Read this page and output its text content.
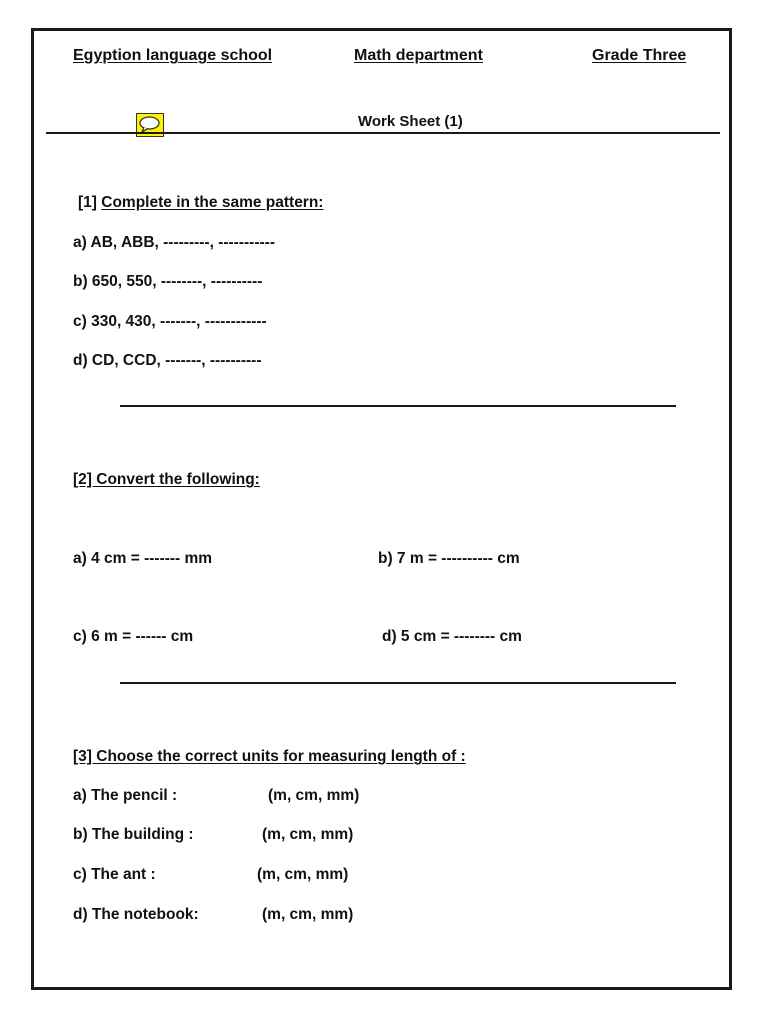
Egyption language school	Math department	Grade Three
Work Sheet (1)
[1] Complete in the same pattern:
a) AB, ABB, ---------, -----------
b) 650, 550, --------, ----------
c) 330, 430, -------, ------------
d) CD, CCD, -------, ----------
[2] Convert the following:
a) 4 cm = ------- mm	b) 7 m = ---------- cm
c) 6 m = ------ cm	d) 5 cm = -------- cm
[3] Choose the correct units for measuring length of :
a) The pencil :	(m, cm, mm)
b) The building :	(m, cm, mm)
c) The ant :	(m, cm, mm)
d) The notebook:	(m, cm, mm)
